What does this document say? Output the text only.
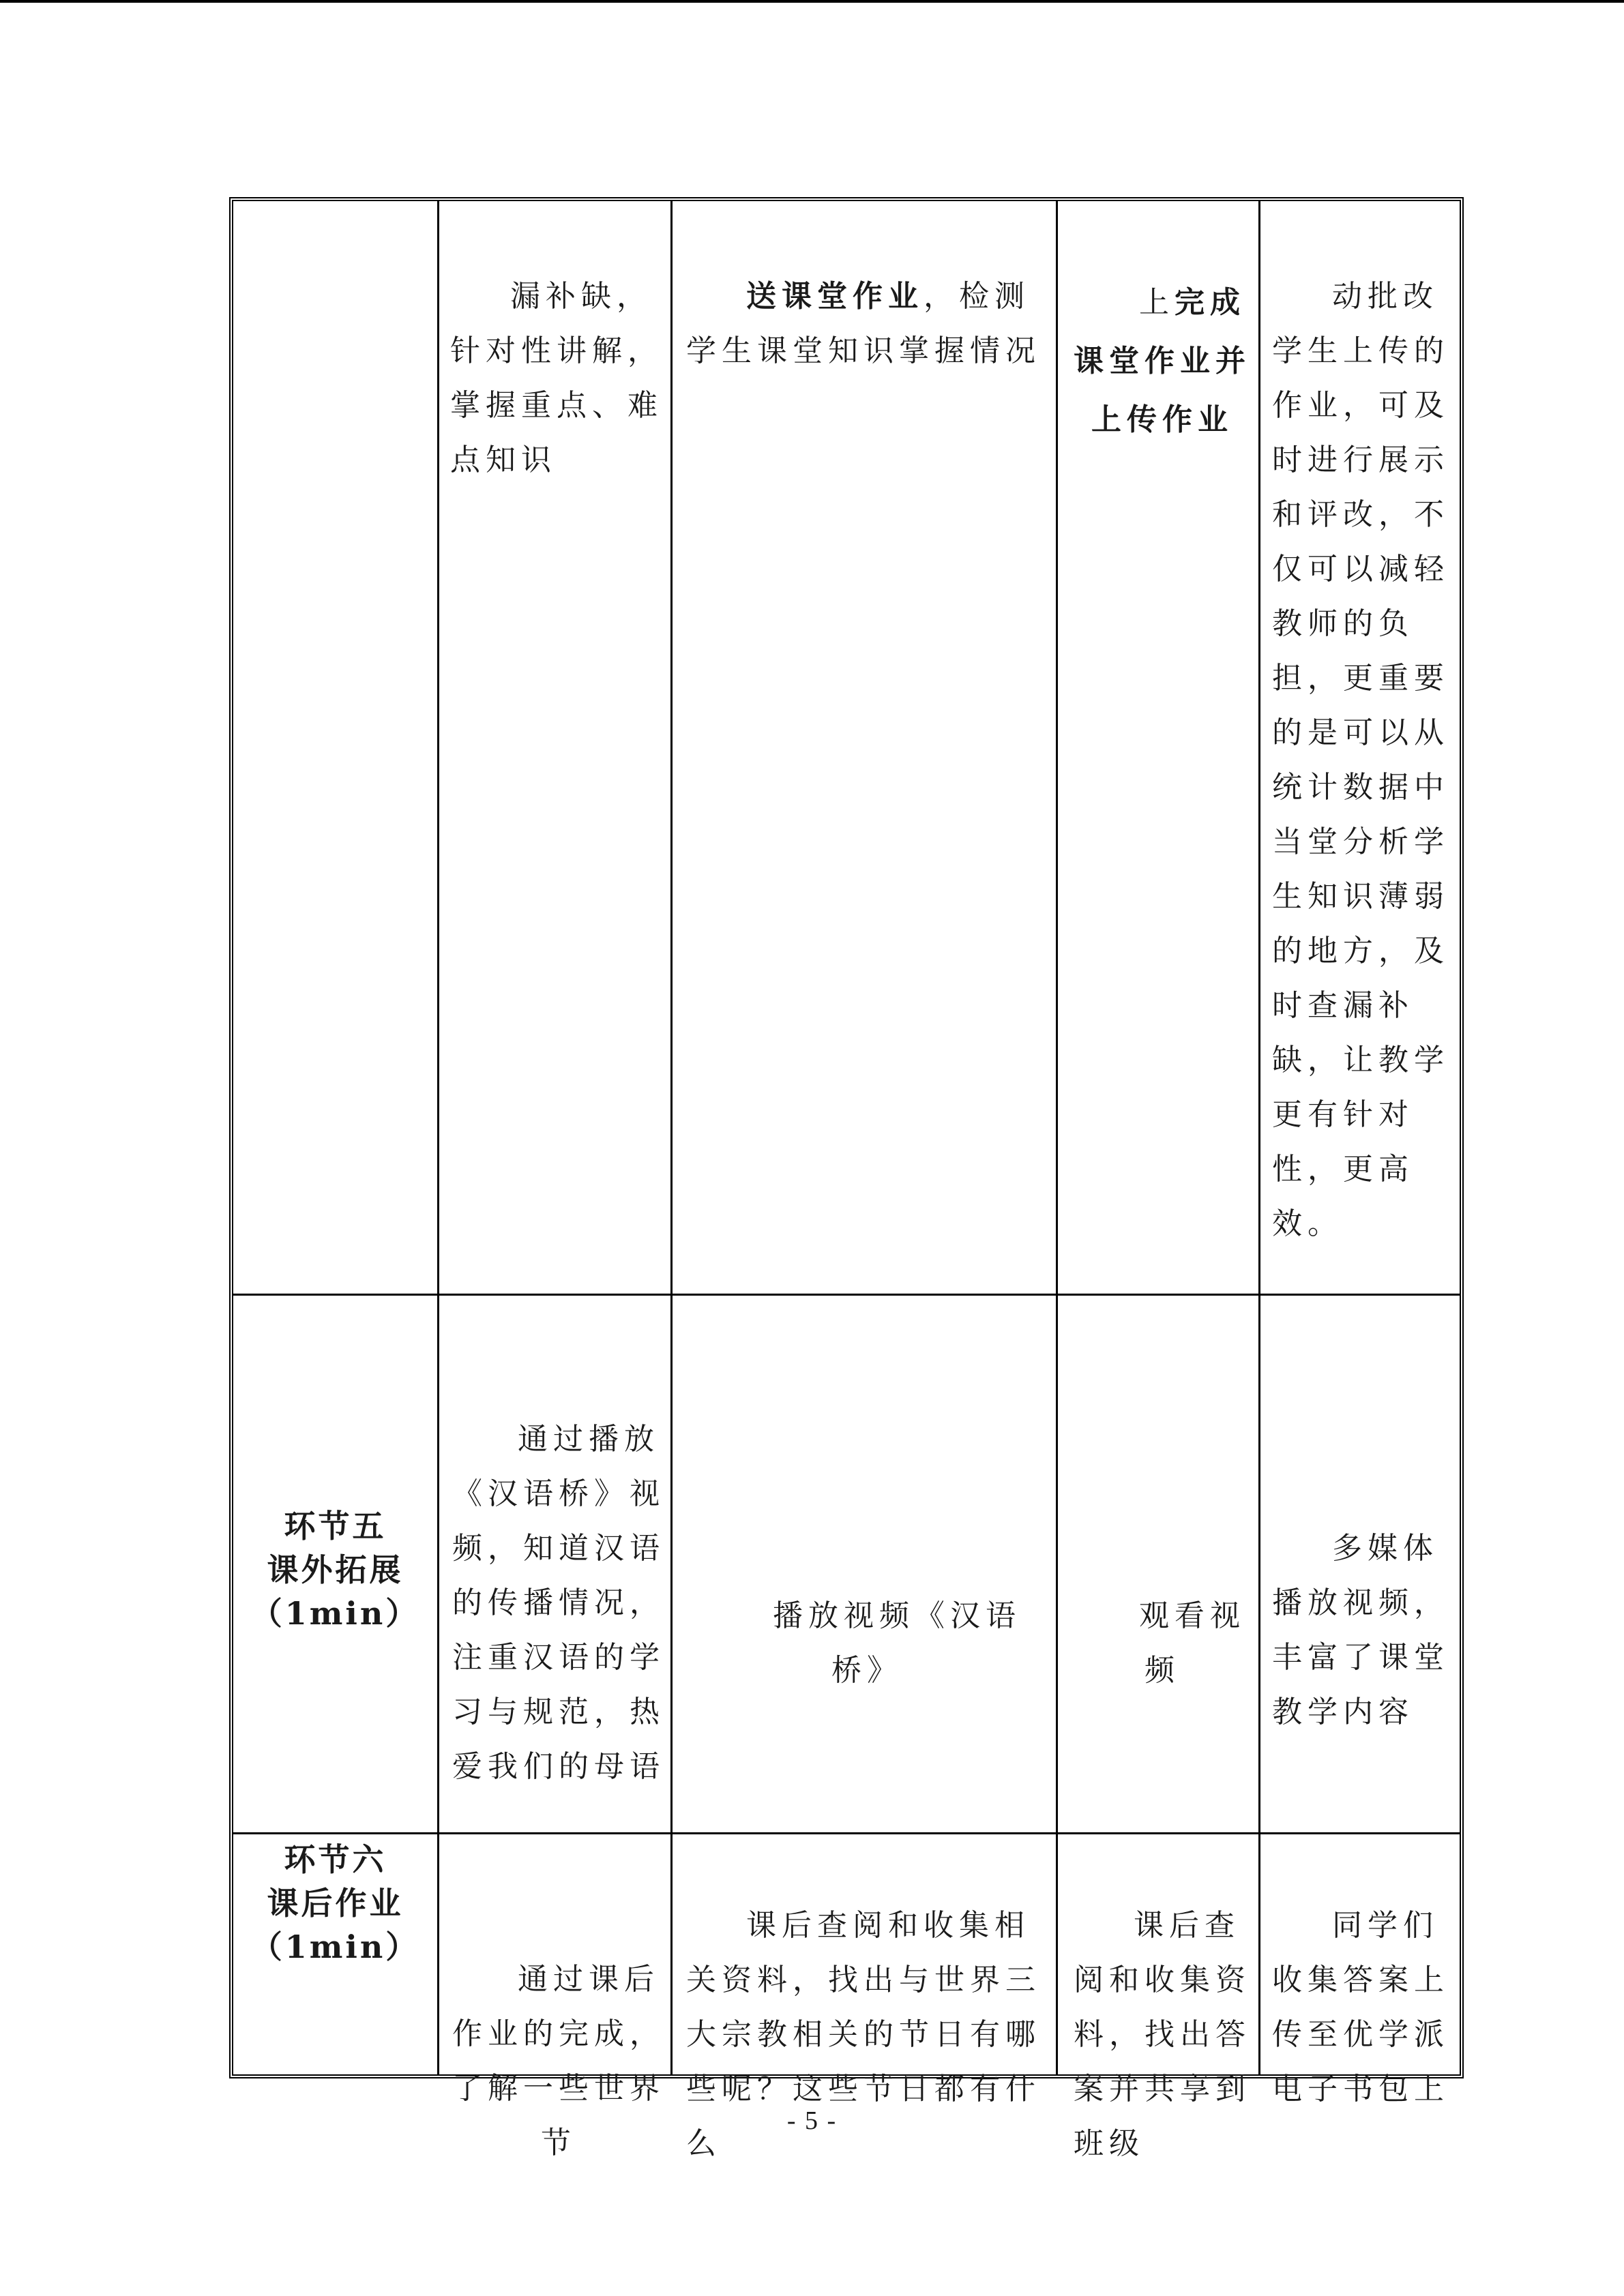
漏补缺，针对性讲解，掌握重点、难点知识

送课堂作业，检测学生课堂知识掌握情况

上完成课堂作业并上传作业

动批改学生上传的作业，可及时进行展示和评改，不仅可以减轻教师的负担，更重要的是可以从统计数据中当堂分析学生知识薄弱的地方，及时查漏补缺，让教学更有针对性，更高效。

环节五
课外拓展
（1min）

通过播放《汉语桥》视频，知道汉语的传播情况，注重汉语的学习与规范，热爱我们的母语

播放视频《汉语桥》

观看视频

多媒体播放视频，丰富了课堂教学内容

环节六
课后作业
（1min）

通过课后作业的完成，了解一些世界节

课后查阅和收集相关资料，找出与世界三大宗教相关的节日有哪些呢？这些节日都有什么

课后查阅和收集资料，找出答案并共享到班级

同学们收集答案上传至优学派电子书包上

- 5 -
